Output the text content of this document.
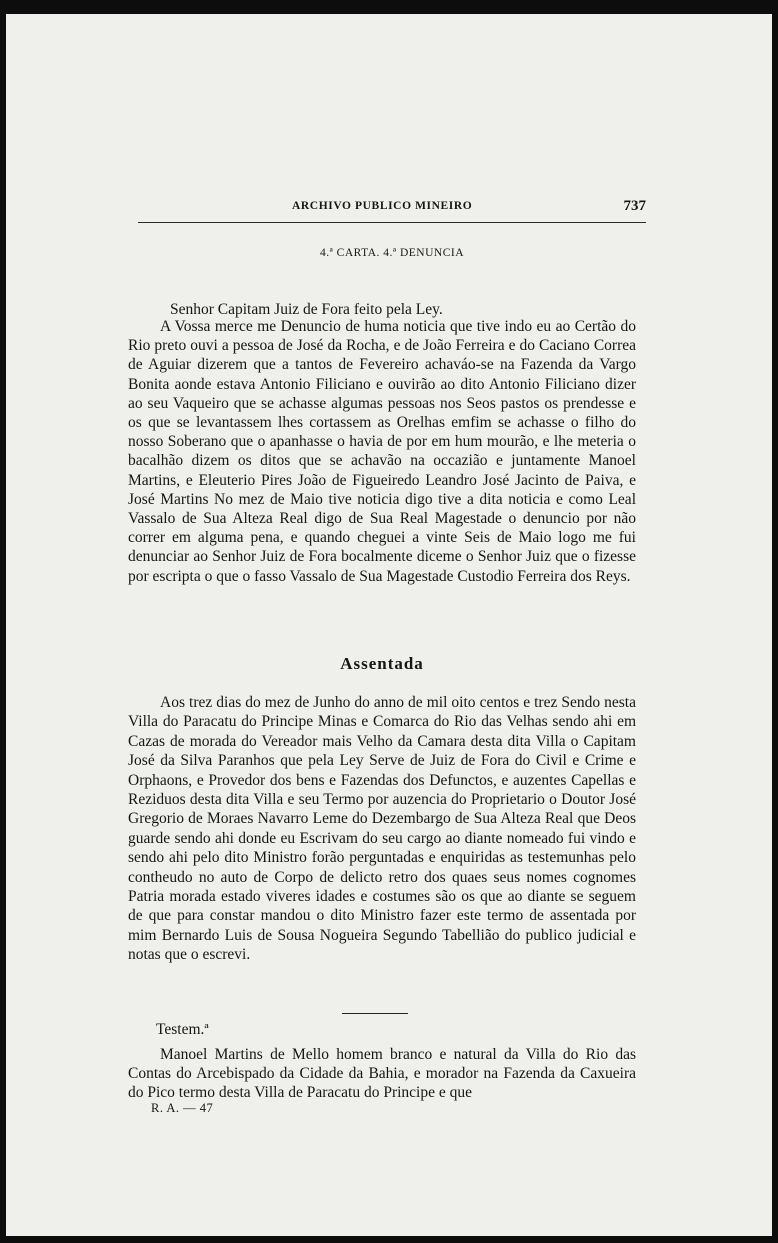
ARCHIVO PUBLICO MINEIRO	737
4.ª CARTA. 4.ª DENUNCIA

Senhor Capitam Juiz de Fora feito pela Ley.

A Vossa merce me Denuncio de huma noticia que tive indo eu ao Certão do Rio preto ouvi a pessoa de José da Rocha, e de João Ferreira e do Caciano Correa de Aguiar dizerem que a tantos de Fevereiro achaváo-se na Fazenda da Vargo Bonita aonde estava Antonio Filiciano e ouvirão ao dito Antonio Filiciano dizer ao seu Vaqueiro que se achasse algumas pessoas nos Seos pastos os prendesse e os que se levantassem lhes cortassem as Orelhas emfim se achasse o filho do nosso Soberano que o apanhasse o havia de por em hum mourão, e lhe meteria o bacalhão dizem os ditos que se achavão na occazião e juntamente Manoel Martins, e Eleuterio Pires João de Figueiredo Leandro José Jacinto de Paiva, e José Martins No mez de Maio tive noticia digo tive a dita noticia e como Leal Vassalo de Sua Alteza Real digo de Sua Real Magestade o denuncio por não correr em alguma pena, e quando cheguei a vinte Seis de Maio logo me fui denunciar ao Senhor Juiz de Fora bocalmente diceme o Senhor Juiz que o fizesse por escripta o que o fasso Vassalo de Sua Magestade Custodio Ferreira dos Reys.

Assentada

Aos trez dias do mez de Junho do anno de mil oito centos e trez Sendo nesta Villa do Paracatu do Principe Minas e Comarca do Rio das Velhas sendo ahi em Cazas de morada do Vereador mais Velho da Camara desta dita Villa o Capitam José da Silva Paranhos que pela Ley Serve de Juiz de Fora do Civil e Crime e Orphaons, e Provedor dos bens e Fazendas dos Defunctos, e auzentes Capellas e Reziduos desta dita Villa e seu Termo por auzencia do Proprietario o Doutor José Gregorio de Moraes Navarro Leme do Dezembargo de Sua Alteza Real que Deos guarde sendo ahi donde eu Escrivam do seu cargo ao diante nomeado fui vindo e sendo ahi pelo dito Ministro forão perguntadas e enquiridas as testemunhas pelo contheudo no auto de Corpo de delicto retro dos quaes seus nomes cognomes Patria morada estado viveres idades e costumes são os que ao diante se seguem de que para constar mandou o dito Ministro fazer este termo de assentada por mim Bernardo Luis de Sousa Nogueira Segundo Tabellião do publico judicial e notas que o escrevi.

Testem.ª

Manoel Martins de Mello homem branco e natural da Villa do Rio das Contas do Arcebispado da Cidade da Bahia, e morador na Fazenda da Caxueira do Pico termo desta Villa de Paracatu do Principe e que

R. A. — 47
